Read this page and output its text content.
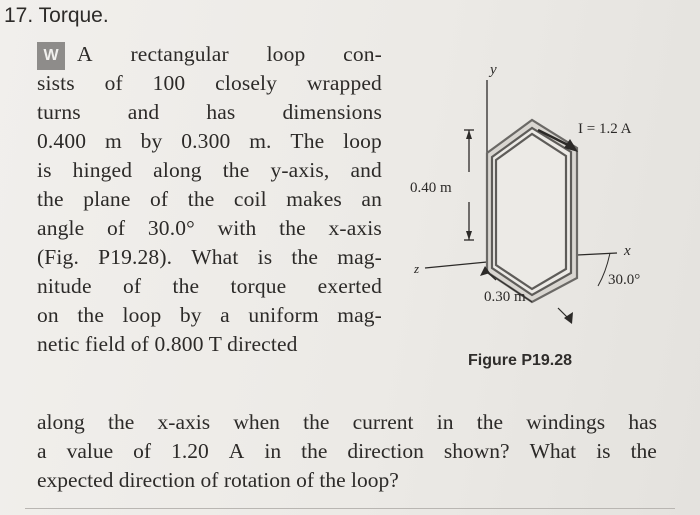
17. Torque.
W A rectangular loop con-
sists of 100 closely wrapped
turns and has dimensions
0.400 m by 0.300 m. The loop
is hinged along the y-axis, and
the plane of the coil makes an
angle of 30.0° with the x-axis
(Fig. P19.28). What is the mag-
nitude of the torque exerted
on the loop by a uniform mag-
netic field of 0.800 T directed
along the x-axis when the current in the windings has
a value of 1.20 A in the direction shown? What is the
expected direction of rotation of the loop?
y
x
z
I = 1.2 A
0.40 m
0.30 m
30.0°
Figure P19.28
